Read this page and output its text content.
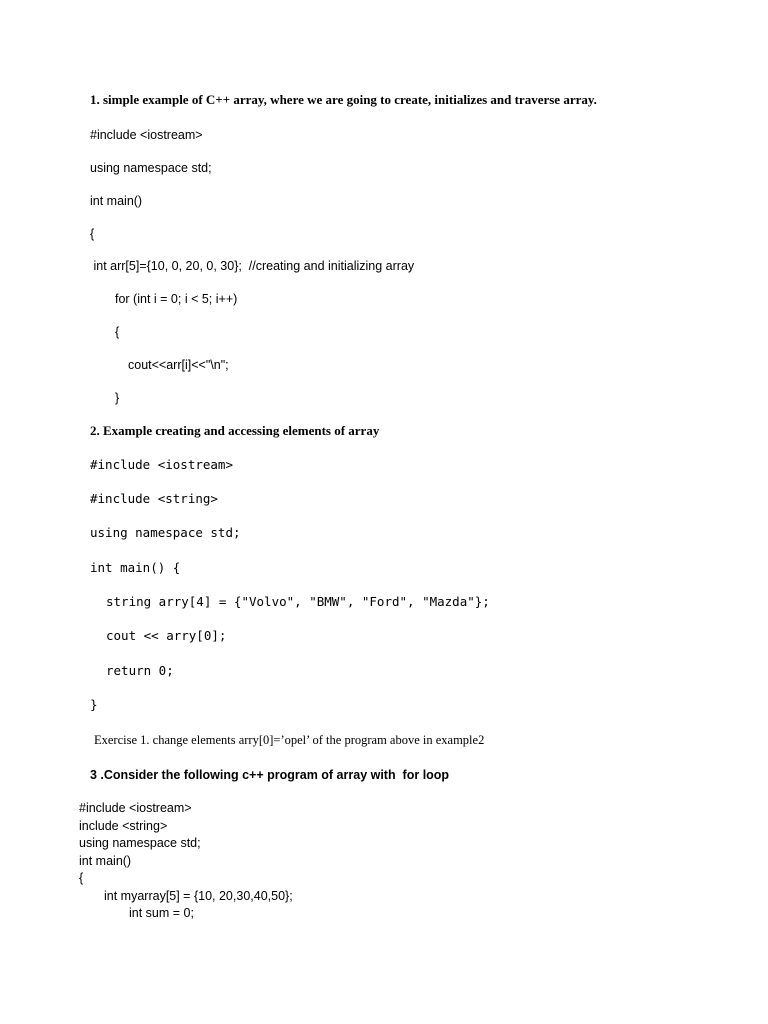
1. simple example of C++ array, where we are going to create, initializes and traverse array.
#include <iostream>
using namespace std;
int main()
{
int arr[5]={10, 0, 20, 0, 30};  //creating and initializing array
for (int i = 0; i < 5; i++)
{
cout<<arr[i]<<"\n";
}
2. Example creating and accessing elements of array
#include <iostream>
#include <string>
using namespace std;
int main() {
string arry[4] = {"Volvo", "BMW", "Ford", "Mazda"};
cout << arry[0];
return 0;
}
Exercise 1. change elements arry[0]=’opel’ of the program above in example2
3 .Consider the following c++ program of array with  for loop
#include <iostream>
include <string>
using namespace std;
int main()
{
int myarray[5] = {10, 20,30,40,50};
int sum = 0;
